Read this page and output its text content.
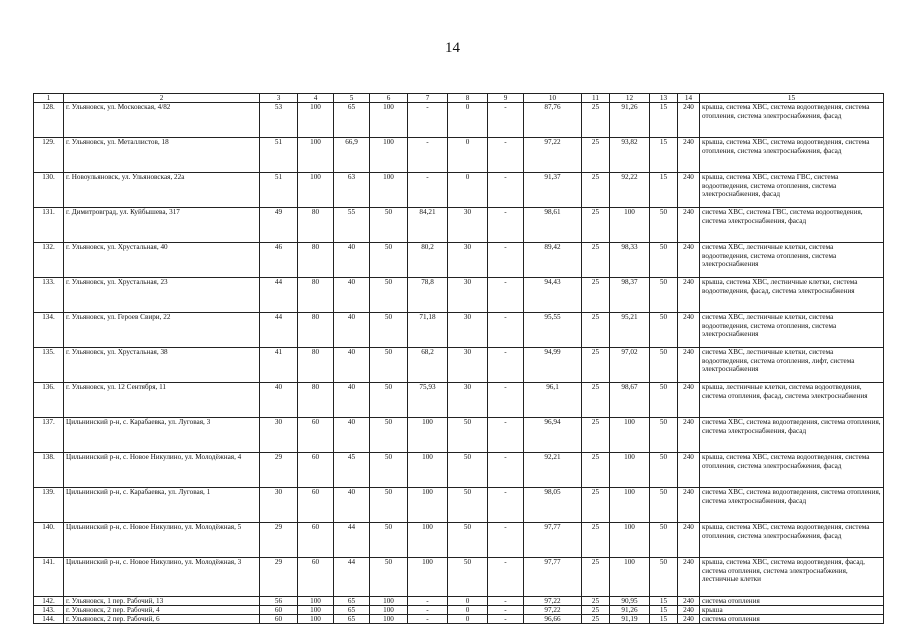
14
1	2	3	4	5	6	7	8	9	10	11	12	13	14	15
128.	г. Ульяновск, ул. Московская, 4/82	53	100	65	100	-	0	-	87,76	25	91,26	15	240	крыша, система ХВС, система водоотведения, система отопления, система электроснабжения, фасад
129.	г. Ульяновск, ул. Металлистов, 18	51	100	66,9	100	-	0	-	97,22	25	93,82	15	240	крыша, система ХВС, система водоотведения, система отопления, система электроснабжения, фасад
130.	г. Новоульяновск, ул. Ульяновская, 22а	51	100	63	100	-	0	-	91,37	25	92,22	15	240	крыша, система ХВС, система ГВС, система водоотведения, система отопления, система электроснабжения, фасад
131.	г. Димитровград, ул. Куйбышева, 317	49	80	55	50	84,21	30	-	98,61	25	100	50	240	система ХВС, система ГВС, система водоотведения, система электроснабжения, фасад
132.	г. Ульяновск, ул. Хрустальная, 40	46	80	40	50	80,2	30	-	89,42	25	98,33	50	240	система ХВС, лестничные клетки, система водоотведения, система отопления, система электроснабжения
133.	г. Ульяновск, ул. Хрустальная, 23	44	80	40	50	78,8	30	-	94,43	25	98,37	50	240	крыша, система ХВС, лестничные клетки, система водоотведения, фасад, система электроснабжения
134.	г. Ульяновск, ул. Героев Свири, 22	44	80	40	50	71,18	30	-	95,55	25	95,21	50	240	система ХВС, лестничные клетки, система водоотведения, система отопления, система электроснабжения
135.	г. Ульяновск, ул. Хрустальная, 38	41	80	40	50	68,2	30	-	94,99	25	97,02	50	240	система ХВС, лестничные клетки, система водоотведения, система отопления, лифт, система электроснабжения
136.	г. Ульяновск, ул. 12 Сентября, 11	40	80	40	50	75,93	30	-	96,1	25	98,67	50	240	крыша, лестничные клетки, система водоотведения, система отопления, фасад, система электроснабжения
137.	Цильнинский р-н, с. Карабаевка, ул. Луговая, 3	30	60	40	50	100	50	-	96,94	25	100	50	240	система ХВС, система водоотведения, система отопления, система электроснабжения, фасад
138.	Цильнинский р-н, с. Новое Никулино, ул. Молодёжная, 4	29	60	45	50	100	50	-	92,21	25	100	50	240	крыша, система ХВС, система водоотведения, система отопления, система электроснабжения, фасад
139.	Цильнинский р-н, с. Карабаевка, ул. Луговая, 1	30	60	40	50	100	50	-	98,05	25	100	50	240	система ХВС, система водоотведения, система отопления, система электроснабжения, фасад
140.	Цильнинский р-н, с. Новое Никулино, ул. Молодёжная, 5	29	60	44	50	100	50	-	97,77	25	100	50	240	крыша, система ХВС, система водоотведения, система отопления, система электроснабжения, фасад
141.	Цильнинский р-н, с. Новое Никулино, ул. Молодёжная, 3	29	60	44	50	100	50	-	97,77	25	100	50	240	крыша, система ХВС, система водоотведения, фасад, система отопления, система электроснабжения, лестничные клетки
142.	г. Ульяновск, 1 пер. Рабочий, 13	56	100	65	100	-	0	-	97,22	25	90,95	15	240	система отопления
143.	г. Ульяновск, 2 пер. Рабочий, 4	60	100	65	100	-	0	-	97,22	25	91,26	15	240	крыша
144.	г. Ульяновск, 2 пер. Рабочий, 6	60	100	65	100	-	0	-	96,66	25	91,19	15	240	система отопления
